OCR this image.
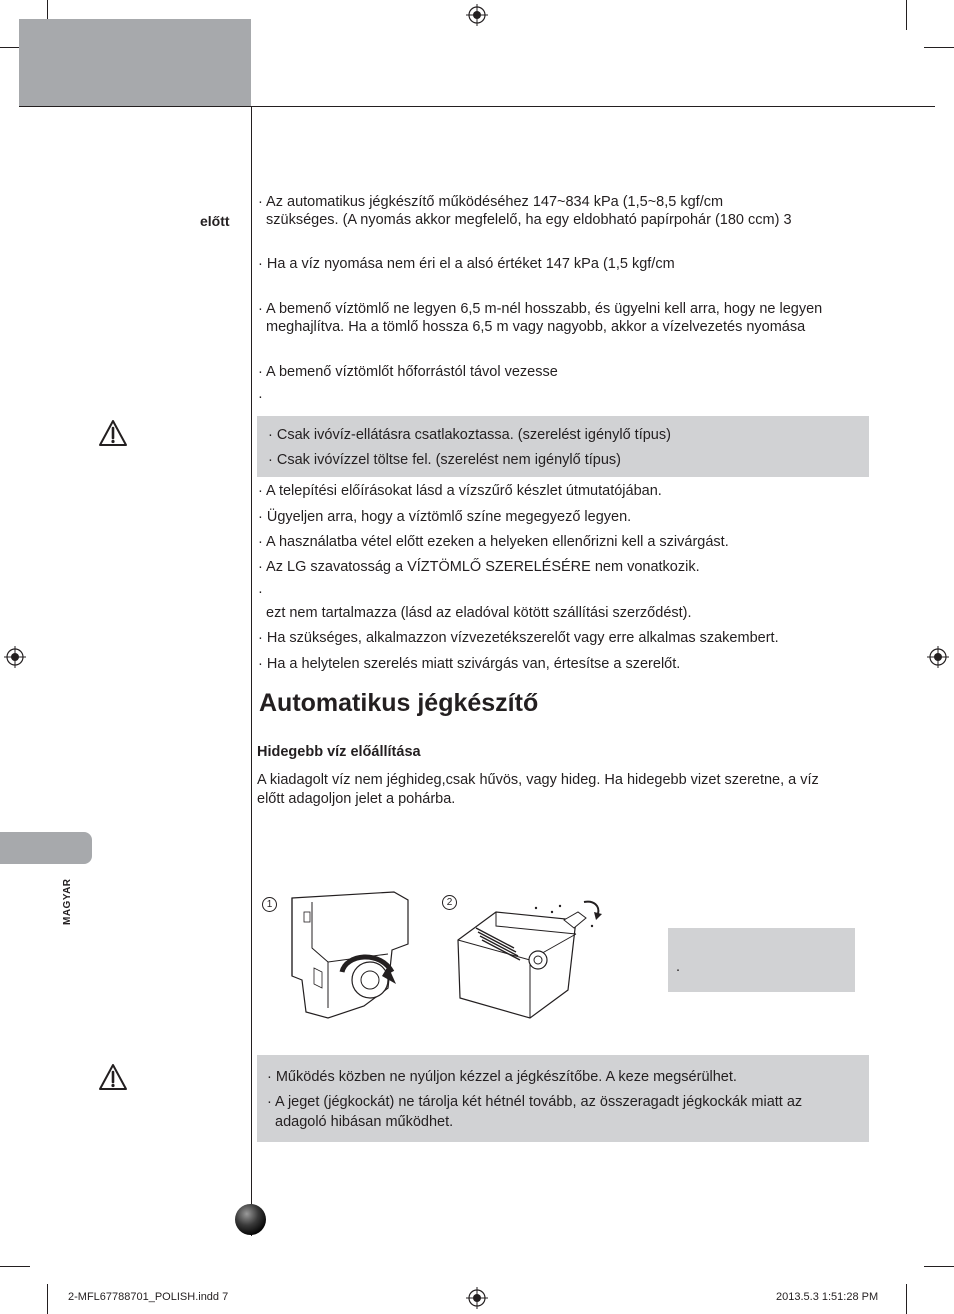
előtt
MAGYAR
· Az automatikus jégkészítő működéséhez 147~834 kPa (1,5~8,5 kgf/cm
szükséges. (A nyomás akkor megfelelő, ha egy eldobható papírpohár (180 ccm) 3
· Ha a víz nyomása nem éri el a alsó értéket 147 kPa (1,5 kgf/cm
· A bemenő víztömlő ne legyen 6,5 m-nél hosszabb, és ügyelni kell arra, hogy ne legyen
meghajlítva. Ha a tömlő hossza 6,5 m vagy nagyobb, akkor a vízelvezetés nyomása
· A bemenő víztömlőt hőforrástól távol vezesse
·
· Csak ivóvíz-ellátásra csatlakoztassa. (szerelést igénylő típus)
· Csak ivóvízzel töltse fel. (szerelést nem igénylő típus)
· A telepítési előírásokat lásd a vízszűrő készlet útmutatójában.
· Ügyeljen arra, hogy a víztömlő színe megegyező legyen.
· A használatba vétel előtt ezeken a helyeken ellenőrizni kell a szivárgást.
· Az LG szavatosság a VÍZTÖMLŐ SZERELÉSÉRE nem vonatkozik.
·
ezt nem tartalmazza (lásd az eladóval kötött szállítási szerződést).
· Ha szükséges, alkalmazzon vízvezetékszerelőt vagy erre alkalmas szakembert.
· Ha a helytelen szerelés miatt szivárgás van, értesítse a szerelőt.
Automatikus jégkészítő
Hidegebb víz előállítása
A kiadagolt víz nem jéghideg,csak hűvös, vagy hideg. Ha hidegebb vizet szeretne, a víz
előtt adagoljon jelet a pohárba.
1	2
.
· Működés közben ne nyúljon kézzel a jégkészítőbe. A keze megsérülhet.
· A jeget (jégkockát) ne tárolja két hétnél tovább, az összeragadt jégkockák miatt az
adagoló hibásan működhet.
2-MFL67788701_POLISH.indd 7	2013.5.3 1:51:28 PM
